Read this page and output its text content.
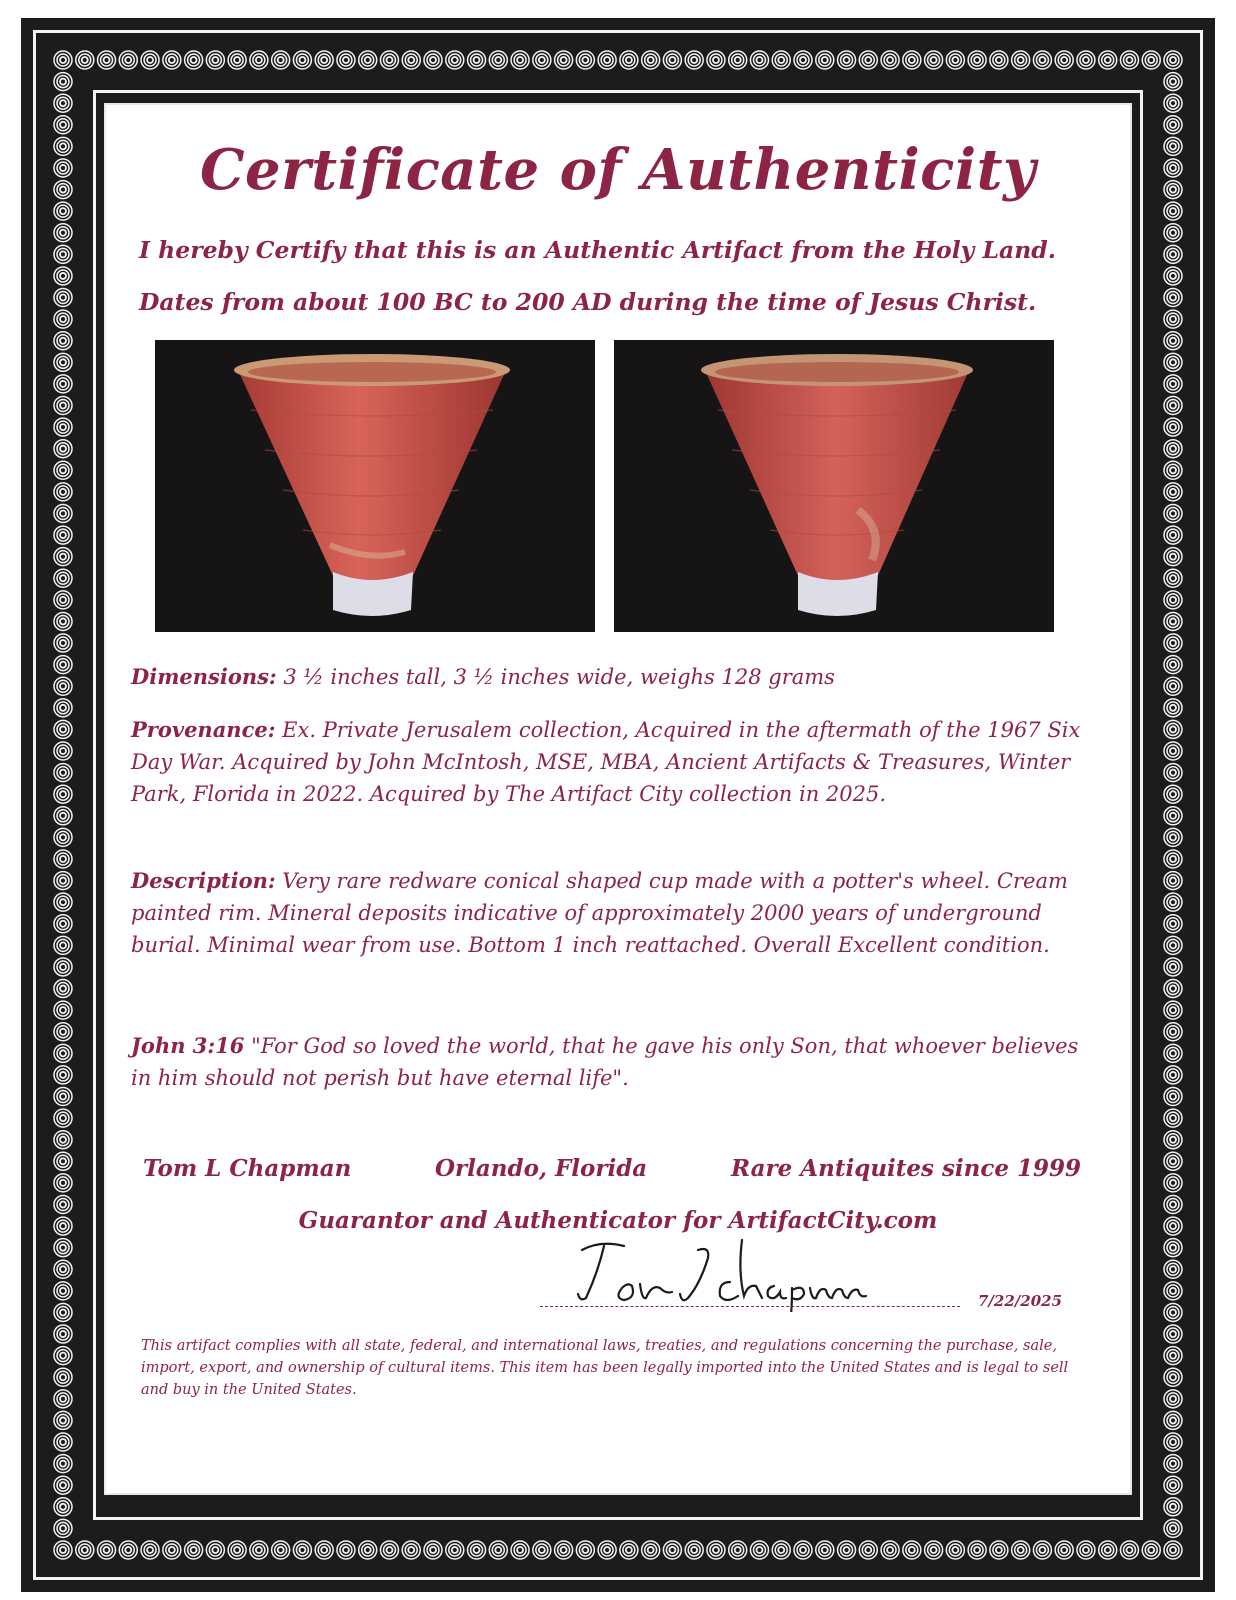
Certificate of Authenticity
I hereby Certify that this is an Authentic Artifact from the Holy Land.
Dates from about 100 BC to 200 AD during the time of Jesus Christ.
Dimensions: 3 ½ inches tall, 3 ½ inches wide, weighs 128 grams
Provenance: Ex. Private Jerusalem collection, Acquired in the aftermath of the 1967 Six Day War. Acquired by John McIntosh, MSE, MBA, Ancient Artifacts & Treasures, Winter Park, Florida in 2022. Acquired by The Artifact City collection in 2025.
Description: Very rare redware conical shaped cup made with a potter's wheel. Cream painted rim. Mineral deposits indicative of approximately 2000 years of underground burial. Minimal wear from use. Bottom 1 inch reattached. Overall Excellent condition.
John 3:16 "For God so loved the world, that he gave his only Son, that whoever believes in him should not perish but have eternal life".
Tom L Chapman	Orlando, Florida	Rare Antiquites since 1999
Guarantor and Authenticator for ArtifactCity.com
7/22/2025
This artifact complies with all state, federal, and international laws, treaties, and regulations concerning the purchase, sale, import, export, and ownership of cultural items. This item has been legally imported into the United States and is legal to sell and buy in the United States.
